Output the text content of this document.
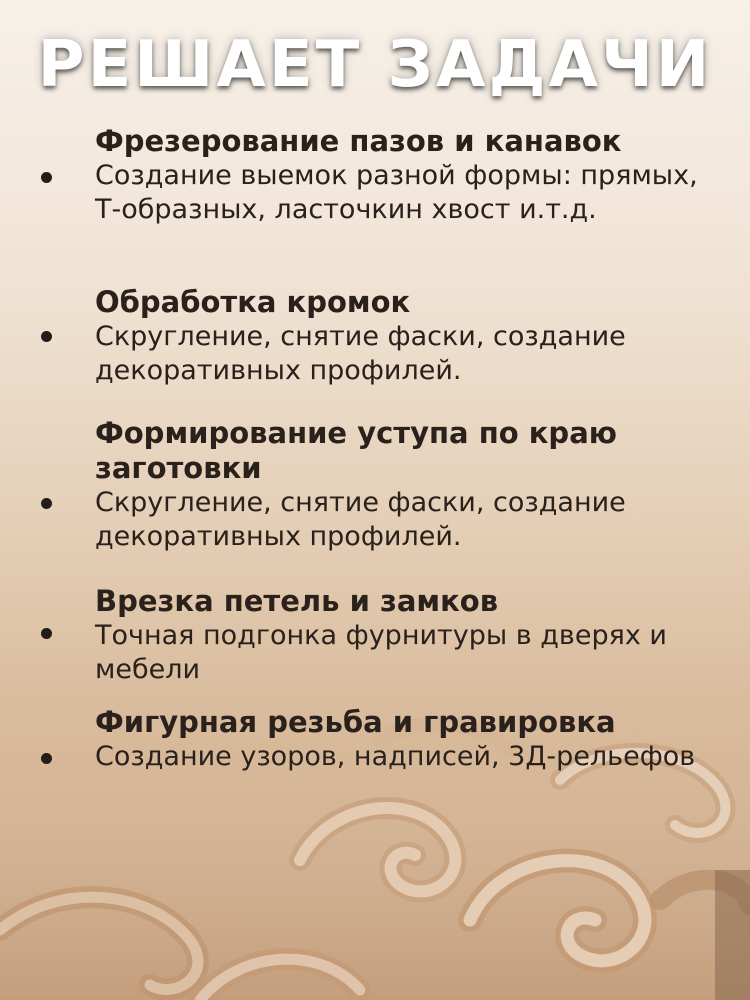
РЕШАЕТ ЗАДАЧИ
Фрезерование пазов и канавок
Создание выемок разной формы: прямых, Т-образных, ласточкин хвост и.т.д.
Обработка кромок
Скругление, снятие фаски, создание декоративных профилей.
Формирование уступа по краю заготовки
Скругление, снятие фаски, создание декоративных профилей.
Врезка петель и замков
Точная подгонка фурнитуры в дверях и мебели
Фигурная резьба и гравировка
Создание узоров, надписей, 3Д-рельефов
